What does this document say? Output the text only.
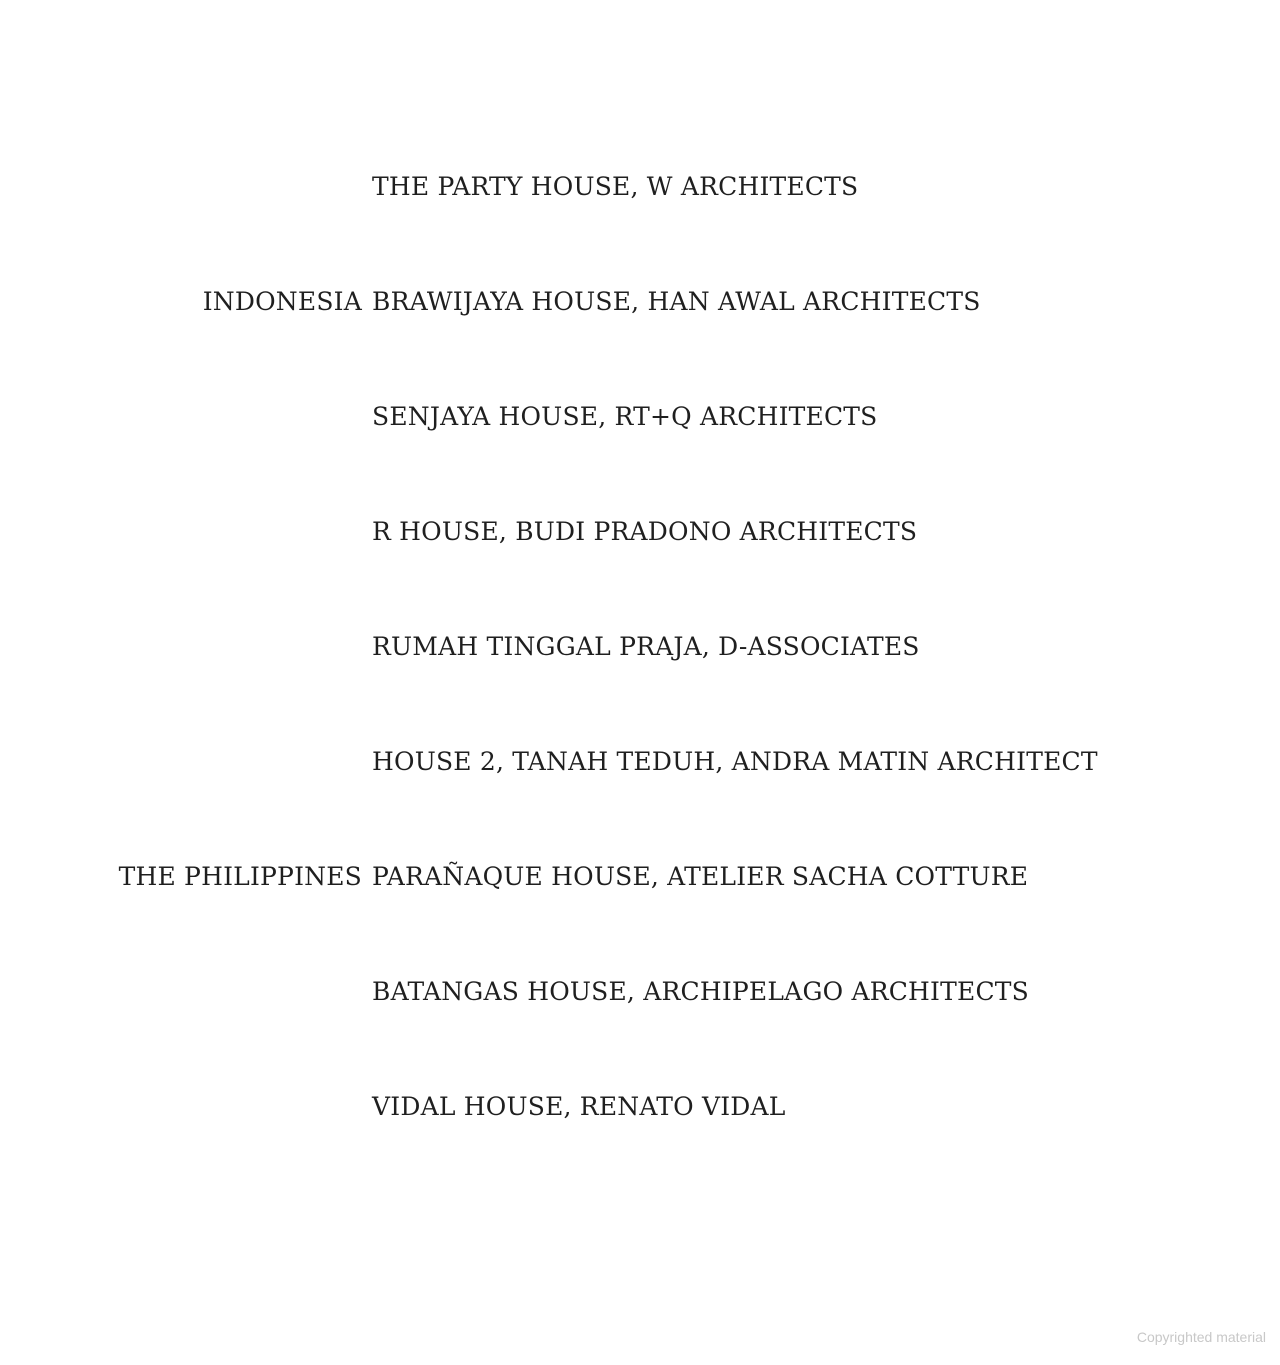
THE PARTY HOUSE, W ARCHITECTS
INDONESIA BRAWIJAYA HOUSE, HAN AWAL ARCHITECTS
SENJAYA HOUSE, RT+Q ARCHITECTS
R HOUSE, BUDI PRADONO ARCHITECTS
RUMAH TINGGAL PRAJA, D-ASSOCIATES
HOUSE 2, TANAH TEDUH, ANDRA MATIN ARCHITECT
THE PHILIPPINES PARAÑAQUE HOUSE, ATELIER SACHA COTTURE
BATANGAS HOUSE, ARCHIPELAGO ARCHITECTS
VIDAL HOUSE, RENATO VIDAL
Copyrighted material
